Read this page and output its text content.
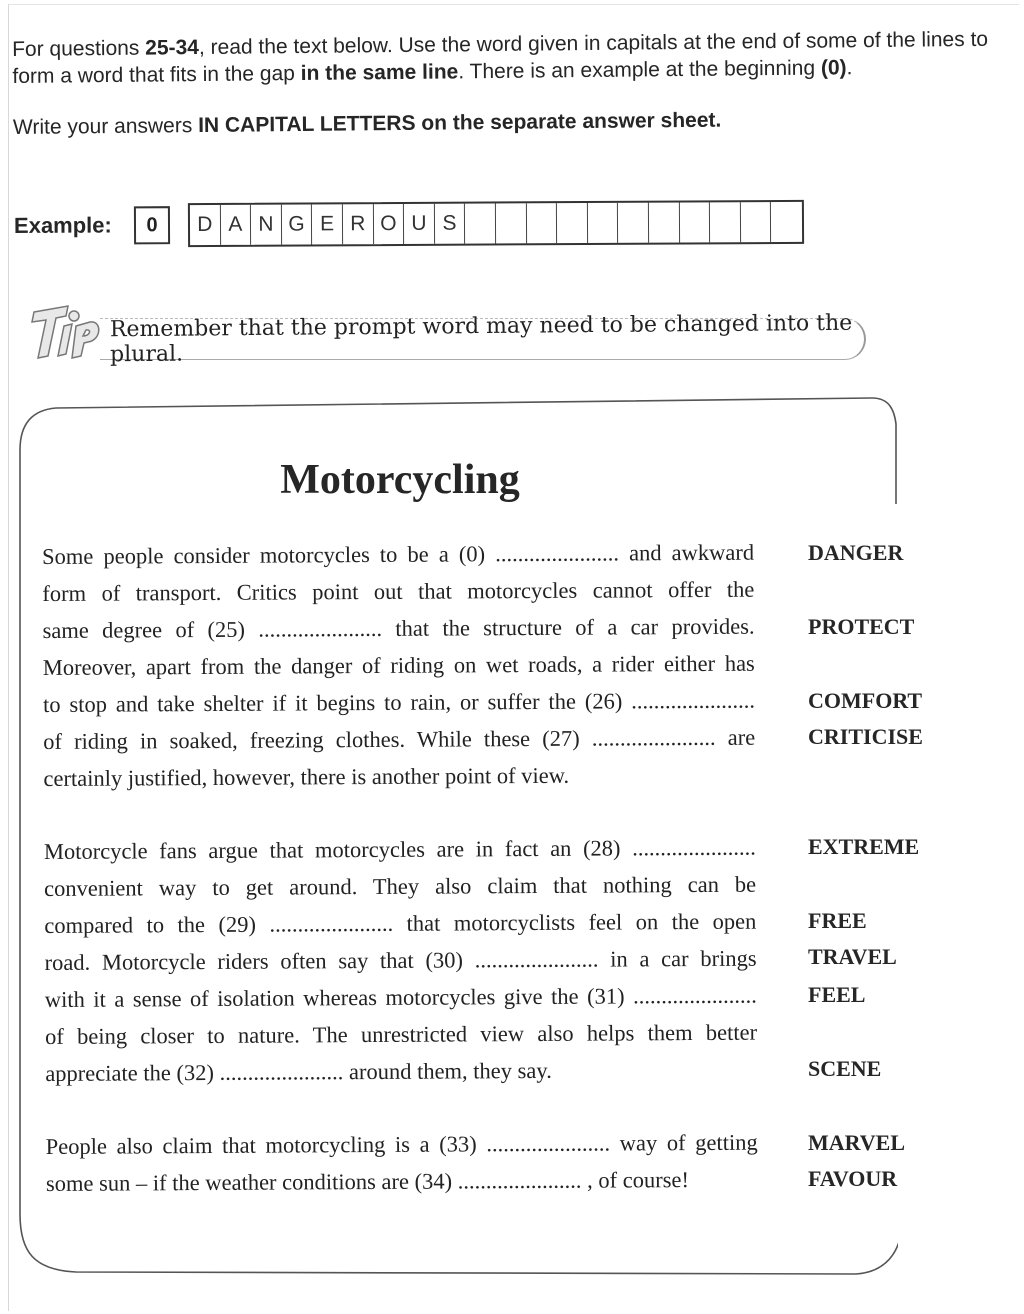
For questions 25-34, read the text below. Use the word given in capitals at the end of some of the lines to

form a word that fits in the gap in the same line. There is an example at the beginning (0).

Write your answers IN CAPITAL LETTERS on the separate answer sheet.

Example:	0	D A N G E R O U S
Tip
Remember that the prompt word may need to be changed into the plural.
Motorcycling
Some people consider motorcycles to be a (0) ...................... and awkward
form of transport. Critics point out that motorcycles cannot offer the
same degree of (25) ...................... that the structure of a car provides.
Moreover, apart from the danger of riding on wet roads, a rider either has
to stop and take shelter if it begins to rain, or suffer the (26) ......................
of riding in soaked, freezing clothes. While these (27) ...................... are
certainly justified, however, there is another point of view.
Motorcycle fans argue that motorcycles are in fact an (28) ......................
convenient way to get around. They also claim that nothing can be
compared to the (29) ...................... that motorcyclists feel on the open
road. Motorcycle riders often say that (30) ...................... in a car brings
with it a sense of isolation whereas motorcycles give the (31) ......................
of being closer to nature. The unrestricted view also helps them better
appreciate the (32) ...................... around them, they say.
People also claim that motorcycling is a (33) ...................... way of getting
some sun – if the weather conditions are (34) ...................... , of course!
DANGER
PROTECT
COMFORT
CRITICISE
EXTREME
FREE
TRAVEL
FEEL
SCENE
MARVEL
FAVOUR
